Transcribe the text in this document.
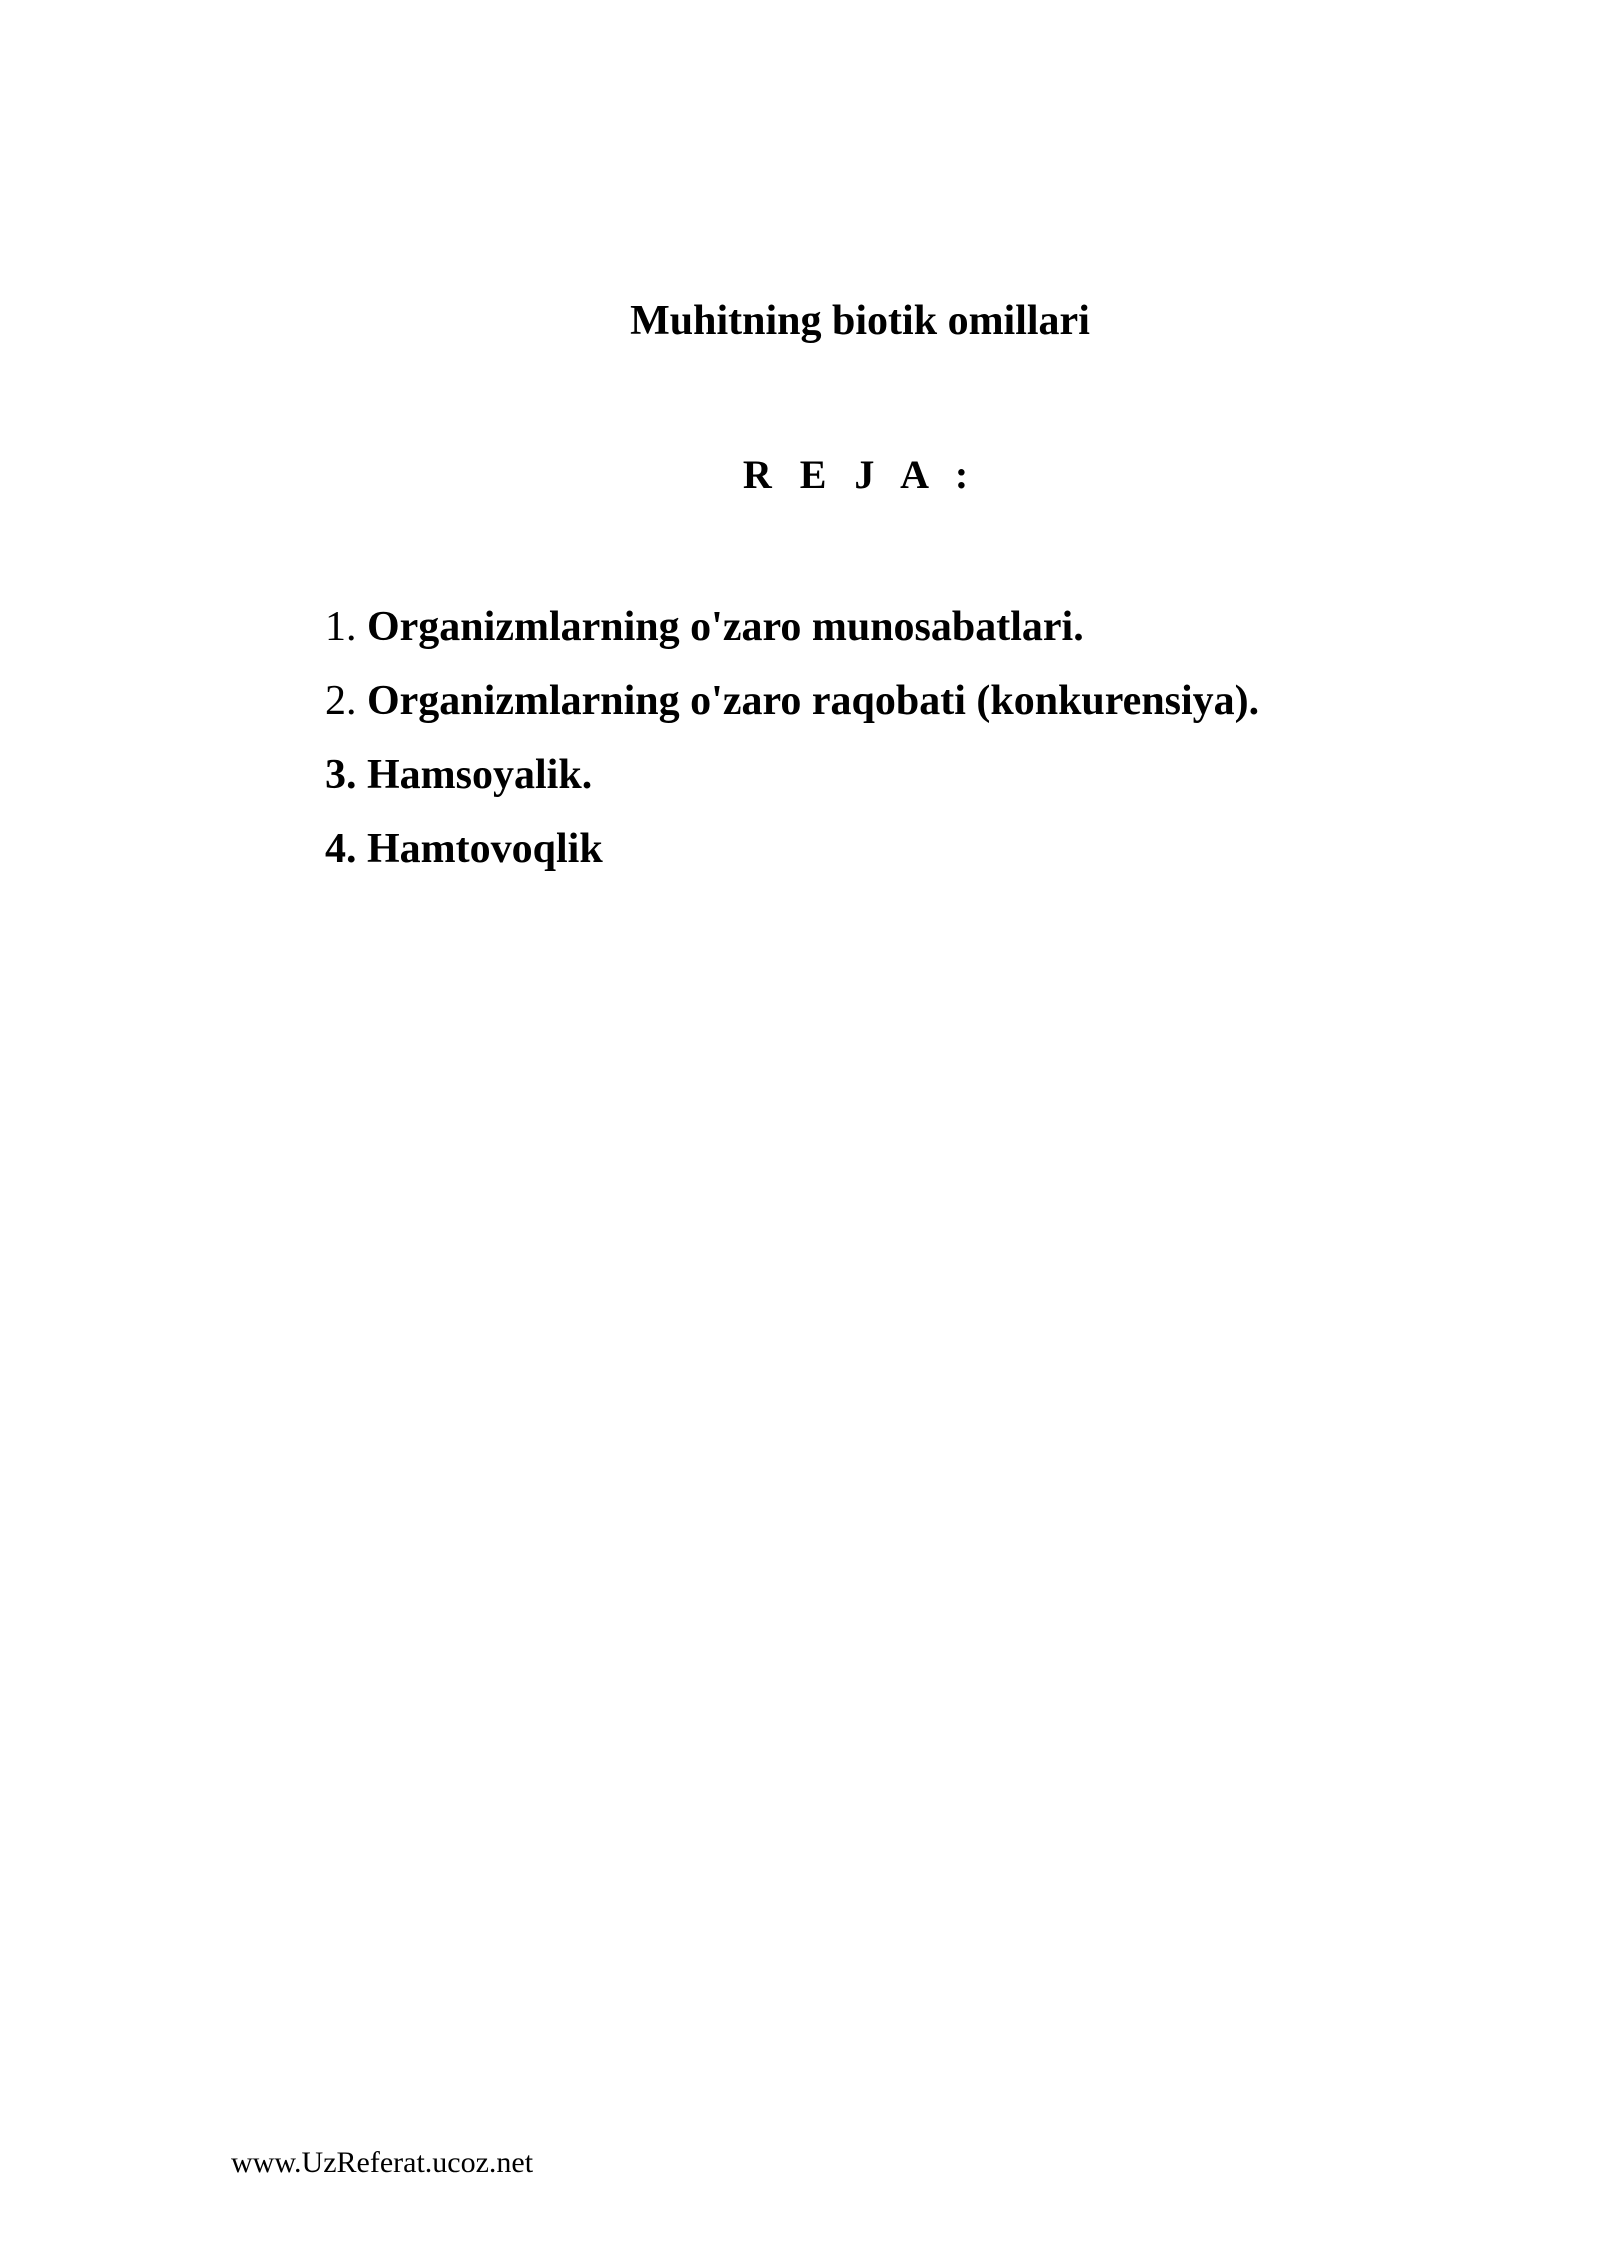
Muhitning biotik omillari
R E J A :
1. Organizmlarning o'zaro munosabatlari.
2. Organizmlarning o'zaro raqobati (konkurensiya).
3. Hamsoyalik.
4. Hamtovoqlik
www.UzReferat.ucoz.net
